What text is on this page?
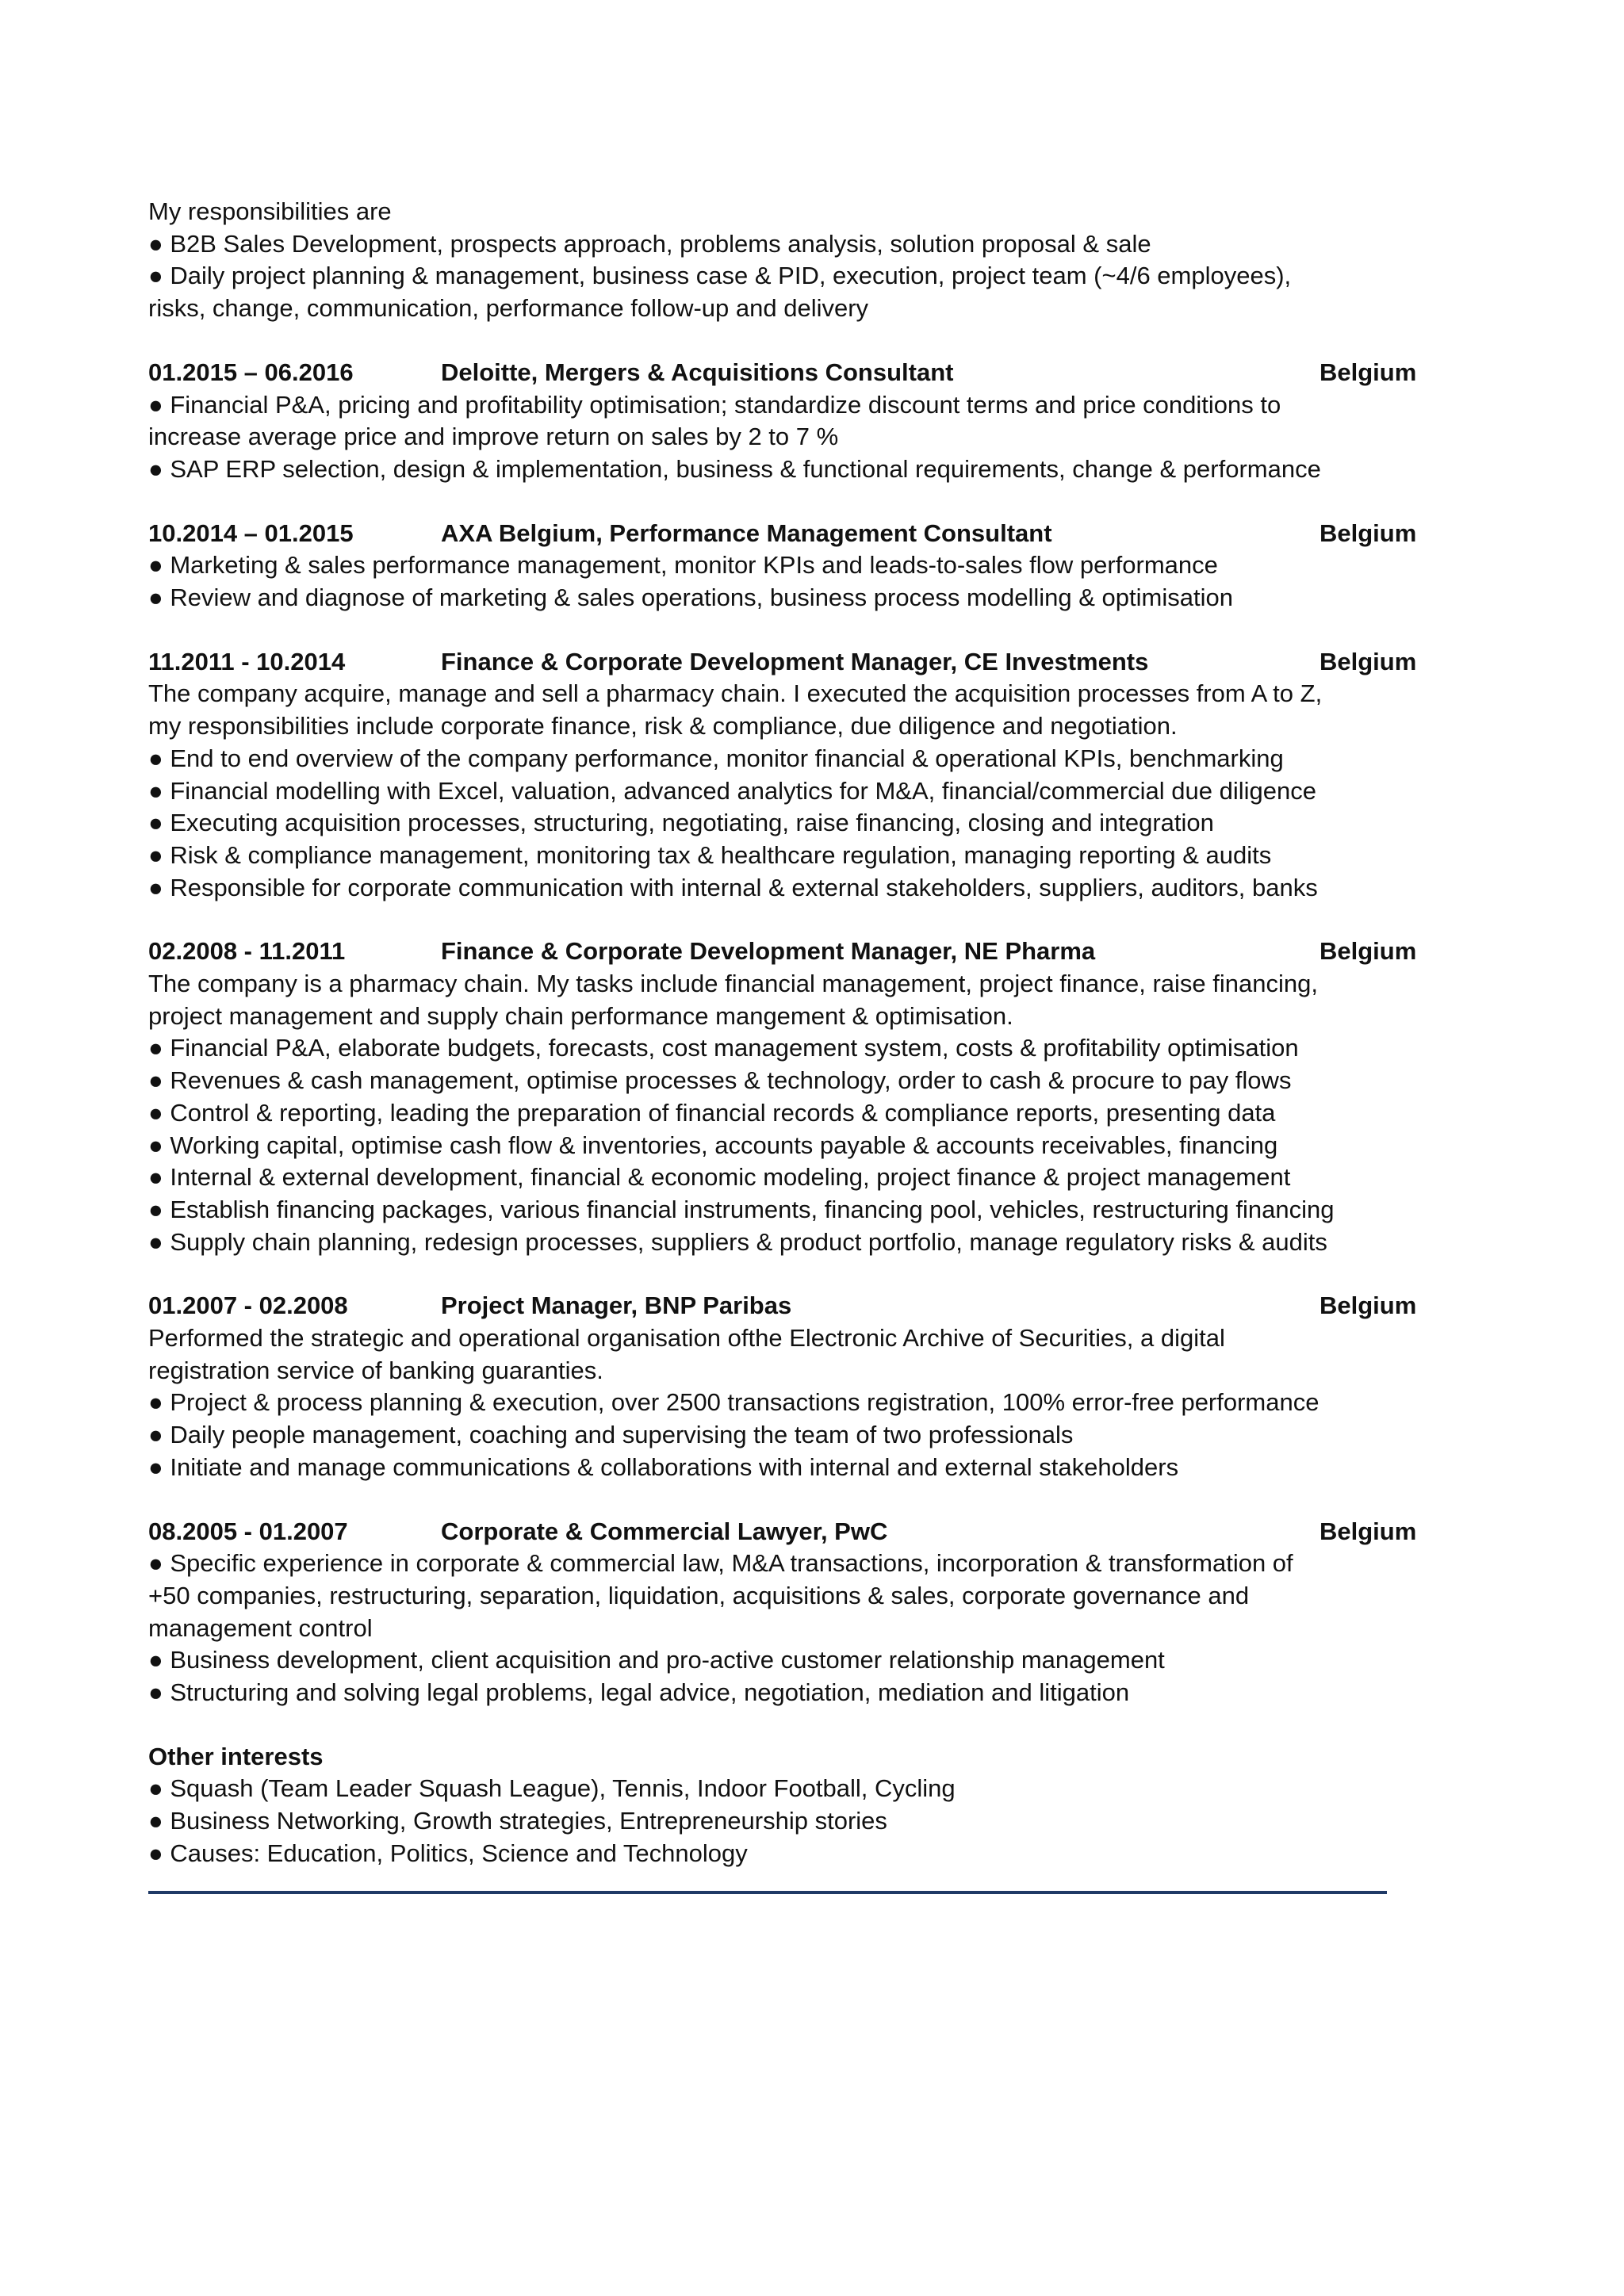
My responsibilities are
● B2B Sales Development, prospects approach, problems analysis, solution proposal & sale
● Daily project planning & management, business case & PID, execution, project team (~4/6 employees),
risks, change, communication, performance follow-up and delivery
01.2015 – 06.2016	Deloitte, Mergers & Acquisitions Consultant	Belgium
● Financial P&A, pricing and profitability optimisation; standardize discount terms and price conditions to
increase average price and improve return on sales by 2 to 7 %
● SAP ERP selection, design & implementation, business & functional requirements, change & performance
10.2014 – 01.2015	AXA Belgium, Performance Management Consultant	Belgium
● Marketing & sales performance management, monitor KPIs and leads-to-sales flow performance
● Review and diagnose of marketing & sales operations, business process modelling & optimisation
11.2011 - 10.2014	Finance & Corporate Development Manager, CE Investments	Belgium
The company acquire, manage and sell a pharmacy chain. I executed the acquisition processes from A to Z,
my responsibilities include corporate finance, risk & compliance, due diligence and negotiation.
● End to end overview of the company performance, monitor financial & operational KPIs, benchmarking
● Financial modelling with Excel, valuation, advanced analytics for M&A, financial/commercial due diligence
● Executing acquisition processes, structuring, negotiating, raise financing, closing and integration
● Risk & compliance management, monitoring tax & healthcare regulation, managing reporting & audits
● Responsible for corporate communication with internal & external stakeholders, suppliers, auditors, banks
02.2008 - 11.2011	Finance & Corporate Development Manager, NE Pharma	Belgium
The company is a pharmacy chain. My tasks include financial management, project finance, raise financing,
project management and supply chain performance mangement & optimisation.
● Financial P&A, elaborate budgets, forecasts, cost management system, costs & profitability optimisation
● Revenues & cash management, optimise processes & technology, order to cash & procure to pay flows
● Control & reporting, leading the preparation of financial records & compliance reports, presenting data
● Working capital, optimise cash flow & inventories, accounts payable & accounts receivables, financing
● Internal & external development, financial & economic modeling, project finance & project management
● Establish financing packages, various financial instruments, financing pool, vehicles, restructuring financing
● Supply chain planning, redesign processes, suppliers & product portfolio, manage regulatory risks & audits
01.2007 - 02.2008	Project Manager, BNP Paribas	Belgium
Performed the strategic and operational organisation ofthe Electronic Archive of Securities, a digital
registration service of banking guaranties.
● Project & process planning & execution, over 2500 transactions registration, 100% error-free performance
● Daily people management, coaching and supervising the team of two professionals
● Initiate and manage communications & collaborations with internal and external stakeholders
08.2005 - 01.2007	Corporate & Commercial Lawyer, PwC	Belgium
● Specific experience in corporate & commercial law, M&A transactions, incorporation & transformation of
+50 companies, restructuring, separation, liquidation, acquisitions & sales, corporate governance and
management control
● Business development, client acquisition and pro-active customer relationship management
● Structuring and solving legal problems, legal advice, negotiation, mediation and litigation
Other interests
● Squash (Team Leader Squash League), Tennis, Indoor Football, Cycling
● Business Networking, Growth strategies, Entrepreneurship stories
● Causes: Education, Politics, Science and Technology
